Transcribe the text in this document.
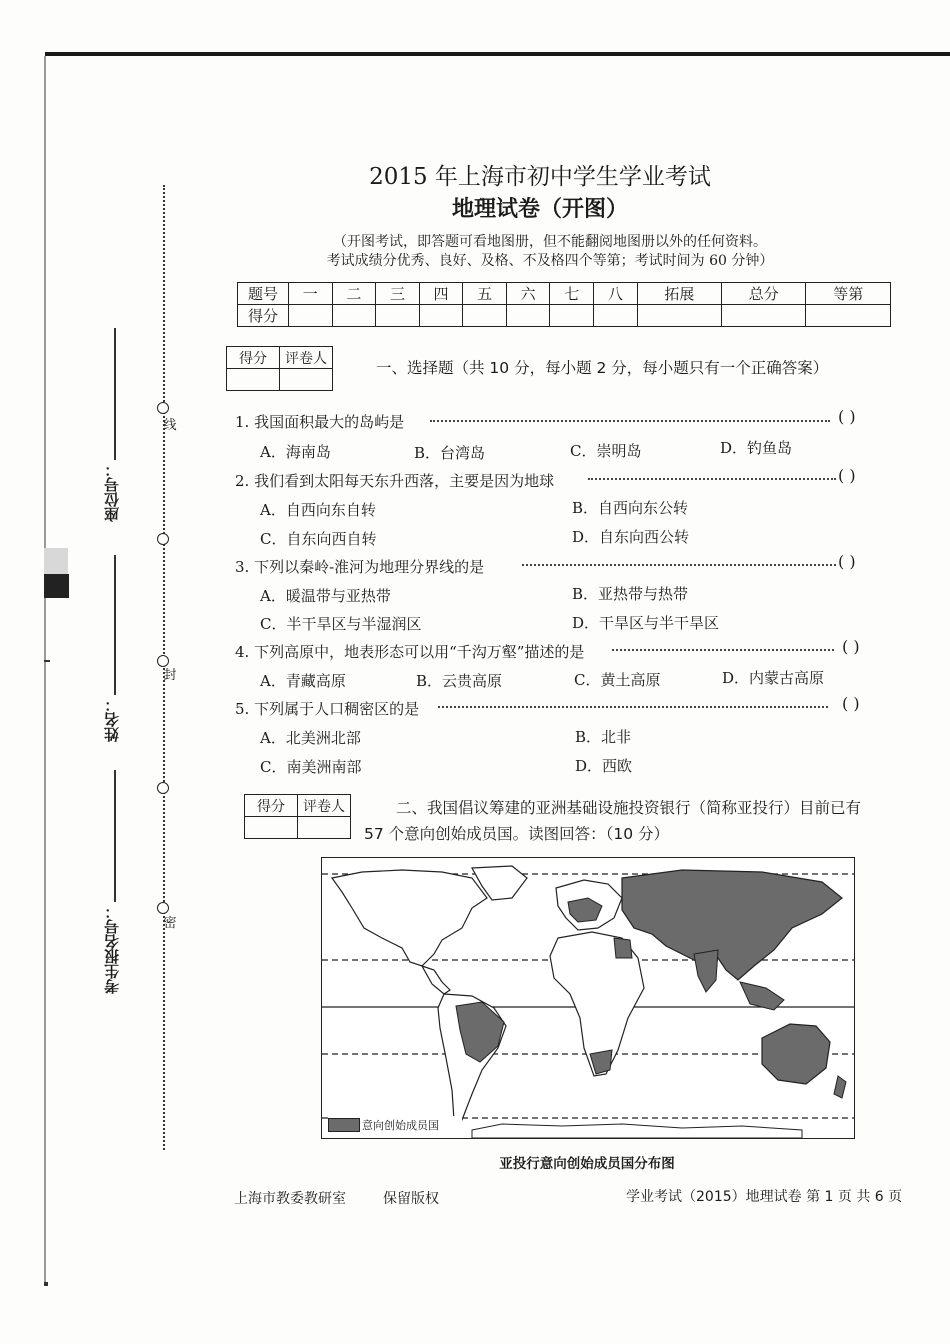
线
封
密
座位号：
姓名：
考生报名号：
2015 年上海市初中学生学业考试
地理试卷（开图）
（开图考试，即答题可看地图册，但不能翻阅地图册以外的任何资料。
考试成绩分优秀、良好、及格、不及格四个等第；考试时间为 60 分钟）
题号	一	二	三	四	五	六	七	八	拓展	总分	等第
得分											
得分	评卷人

一、选择题（共 10 分，每小题 2 分，每小题只有一个正确答案）
1. 我国面积最大的岛屿是	( )
A．海南岛	B．台湾岛	C．崇明岛	D．钓鱼岛
2. 我们看到太阳每天东升西落，主要是因为地球	( )
A．自西向东自转	B．自西向东公转
C．自东向西自转	D．自东向西公转
3. 下列以秦岭-淮河为地理分界线的是	( )
A．暖温带与亚热带	B．亚热带与热带
C．半干旱区与半湿润区	D．干旱区与半干旱区
4. 下列高原中，地表形态可以用“千沟万壑”描述的是	( )
A．青藏高原	B．云贵高原	C．黄土高原	D．内蒙古高原
5. 下列属于人口稠密区的是	( )
A．北美洲北部	B．北非
C．南美洲南部	D．西欧
得分	评卷人
		二、我国倡议筹建的亚洲基础设施投资银行（简称亚投行）目前已有
57 个意向创始成员国。读图回答：（10 分）
意向创始成员国
亚投行意向创始成员国分布图
上海市教委教研室	保留版权	学业考试（2015）地理试卷 第 1 页 共 6 页
